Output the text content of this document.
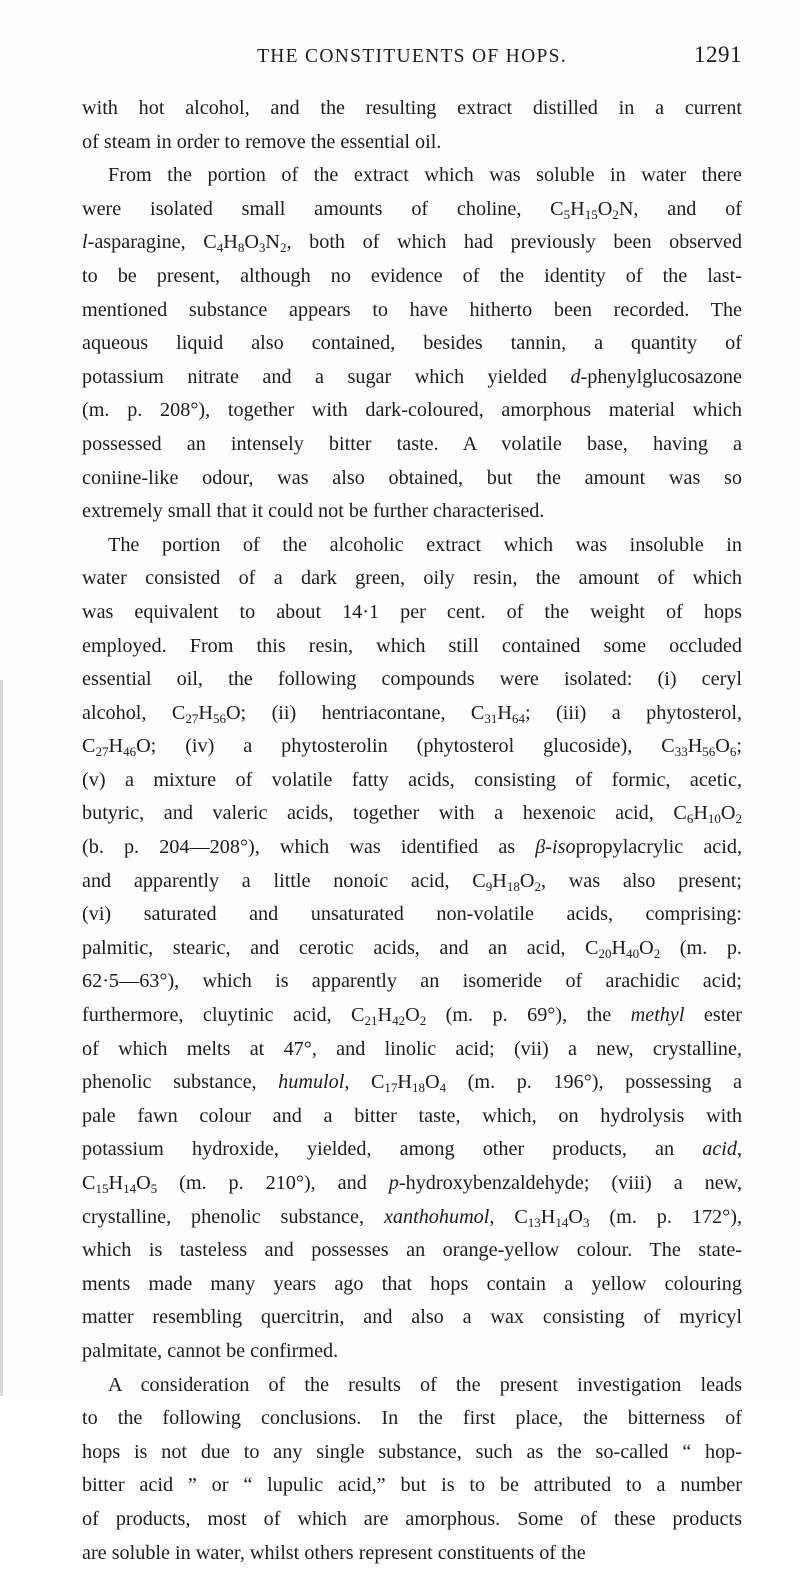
THE CONSTITUENTS OF HOPS.	1291
with hot alcohol, and the resulting extract distilled in a current
of steam in order to remove the essential oil.
From the portion of the extract which was soluble in water there
were isolated small amounts of choline, $C_5H_{15}O_2N$, and of
l-asparagine, $C_4H_8O_3N_2$, both of which had previously been observed
to be present, although no evidence of the identity of the last-
mentioned substance appears to have hitherto been recorded. The
aqueous liquid also contained, besides tannin, a quantity of
potassium nitrate and a sugar which yielded d-phenylglucosazone
(m. p. 208°), together with dark-coloured, amorphous material which
possessed an intensely bitter taste. A volatile base, having a
coniine-like odour, was also obtained, but the amount was so
extremely small that it could not be further characterised.
The portion of the alcoholic extract which was insoluble in
water consisted of a dark green, oily resin, the amount of which
was equivalent to about 14·1 per cent. of the weight of hops
employed. From this resin, which still contained some occluded
essential oil, the following compounds were isolated: (i) ceryl
alcohol, $C_{27}H_{56}O$; (ii) hentriacontane, $C_{31}H_{64}$; (iii) a phytosterol,
$C_{27}H_{46}O$; (iv) a phytosterolin (phytosterol glucoside), $C_{33}H_{56}O_6$;
(v) a mixture of volatile fatty acids, consisting of formic, acetic,
butyric, and valeric acids, together with a hexenoic acid, $C_6H_{10}O_2$
(b. p. 204—208°), which was identified as β-isopropylacrylic acid,
and apparently a little nonoic acid, $C_9H_{18}O_2$, was also present;
(vi) saturated and unsaturated non-volatile acids, comprising:
palmitic, stearic, and cerotic acids, and an acid, $C_{20}H_{40}O_2$ (m. p.
62·5—63°), which is apparently an isomeride of arachidic acid;
furthermore, cluytinic acid, $C_{21}H_{42}O_2$ (m. p. 69°), the methyl ester
of which melts at 47°, and linolic acid; (vii) a new, crystalline,
phenolic substance, humulol, $C_{17}H_{18}O_4$ (m. p. 196°), possessing a
pale fawn colour and a bitter taste, which, on hydrolysis with
potassium hydroxide, yielded, among other products, an acid,
$C_{15}H_{14}O_5$ (m. p. 210°), and p-hydroxybenzaldehyde; (viii) a new,
crystalline, phenolic substance, xanthohumol, $C_{13}H_{14}O_3$ (m. p. 172°),
which is tasteless and possesses an orange-yellow colour. The state-
ments made many years ago that hops contain a yellow colouring
matter resembling quercitrin, and also a wax consisting of myricyl
palmitate, cannot be confirmed.
A consideration of the results of the present investigation leads
to the following conclusions. In the first place, the bitterness of
hops is not due to any single substance, such as the so-called “ hop-
bitter acid ” or “ lupulic acid,” but is to be attributed to a number
of products, most of which are amorphous. Some of these products
are soluble in water, whilst others represent constituents of the
